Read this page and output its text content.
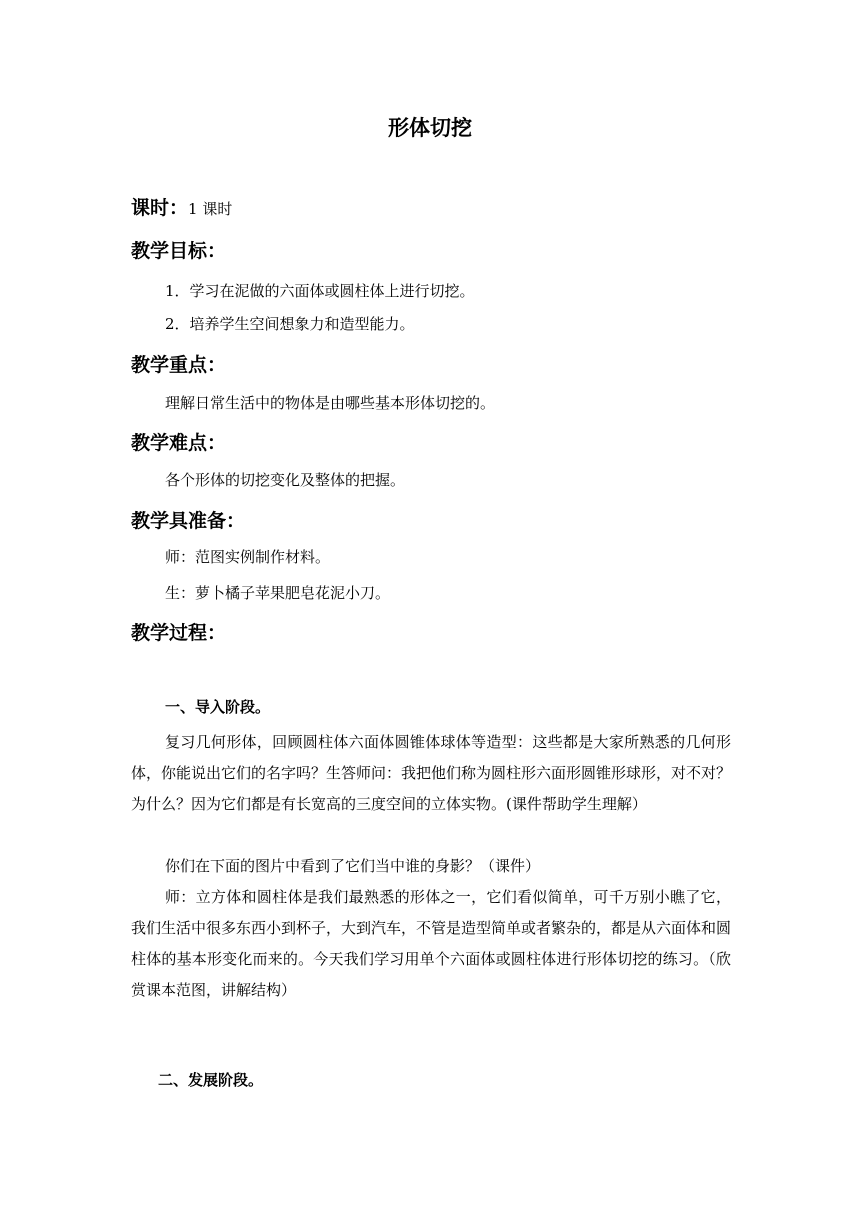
形体切挖
课时：1 课时
教学目标：
1．学习在泥做的六面体或圆柱体上进行切挖。
2．培养学生空间想象力和造型能力。
教学重点：
理解日常生活中的物体是由哪些基本形体切挖的。
教学难点：
各个形体的切挖变化及整体的把握。
教学具准备：
师：范图实例制作材料。
生：萝卜橘子苹果肥皂花泥小刀。
教学过程：
一、导入阶段。
复习几何形体，回顾圆柱体六面体圆锥体球体等造型：这些都是大家所熟悉的几何形体，你能说出它们的名字吗？生答师问：我把他们称为圆柱形六面形圆锥形球形，对不对？为什么？因为它们都是有长宽高的三度空间的立体实物。(课件帮助学生理解）
你们在下面的图片中看到了它们当中谁的身影？（课件）
师：立方体和圆柱体是我们最熟悉的形体之一，它们看似简单，可千万别小瞧了它，我们生活中很多东西小到杯子，大到汽车，不管是造型简单或者繁杂的，都是从六面体和圆柱体的基本形变化而来的。今天我们学习用单个六面体或圆柱体进行形体切挖的练习。（欣赏课本范图，讲解结构）
二、发展阶段。
